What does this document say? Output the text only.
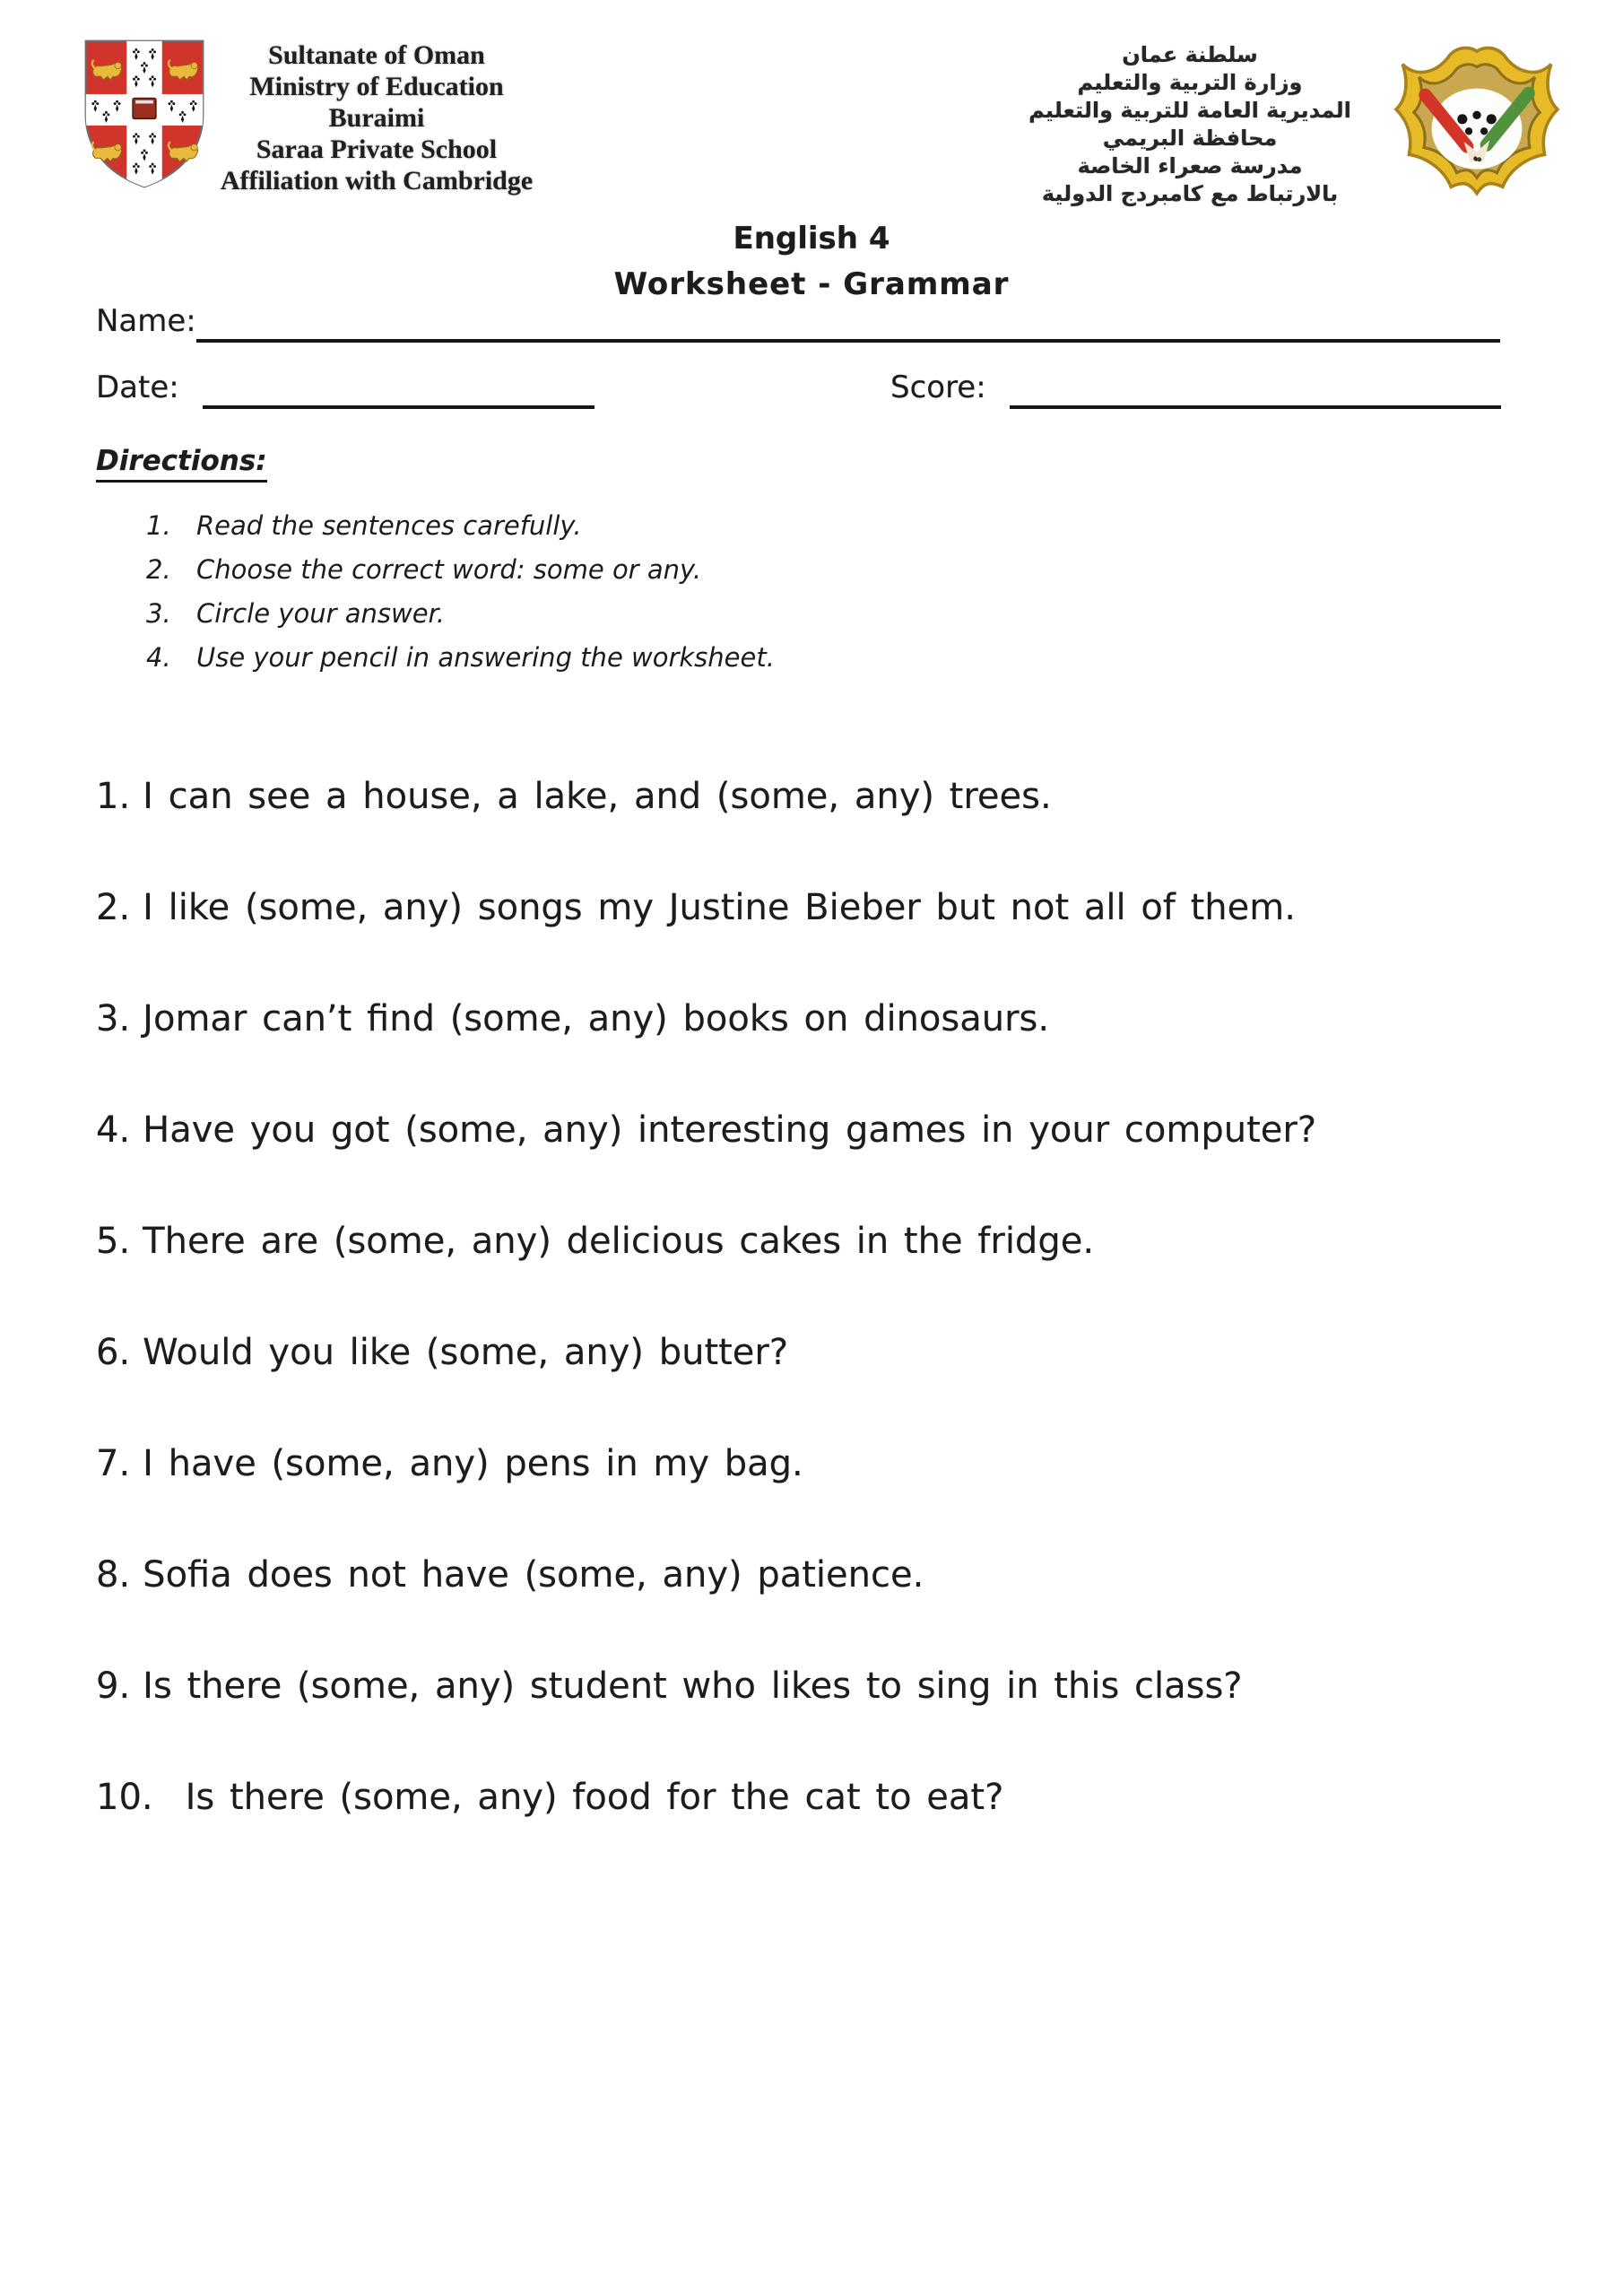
Sultanate of Oman
Ministry of Education
Buraimi
Saraa Private School
Affiliation with Cambridge
سلطنة عمان
وزارة التربية والتعليم
المديرية العامة للتربية والتعليم
محافظة البريمي
مدرسة صعراء الخاصة
بالارتباط مع كامبردج الدولية
English 4
Worksheet - Grammar
Name:
Date:	Score:
Directions:
1. Read the sentences carefully.
2. Choose the correct word: some or any.
3. Circle your answer.
4. Use your pencil in answering the worksheet.
1. I can see a house, a lake, and (some, any) trees.
2. I like (some, any) songs my Justine Bieber but not all of them.
3. Jomar can’t find (some, any) books on dinosaurs.
4. Have you got (some, any) interesting games in your computer?
5. There are (some, any) delicious cakes in the fridge.
6. Would you like (some, any) butter?
7. I have (some, any) pens in my bag.
8. Sofia does not have (some, any) patience.
9. Is there (some, any) student who likes to sing in this class?
10. Is there (some, any) food for the cat to eat?
